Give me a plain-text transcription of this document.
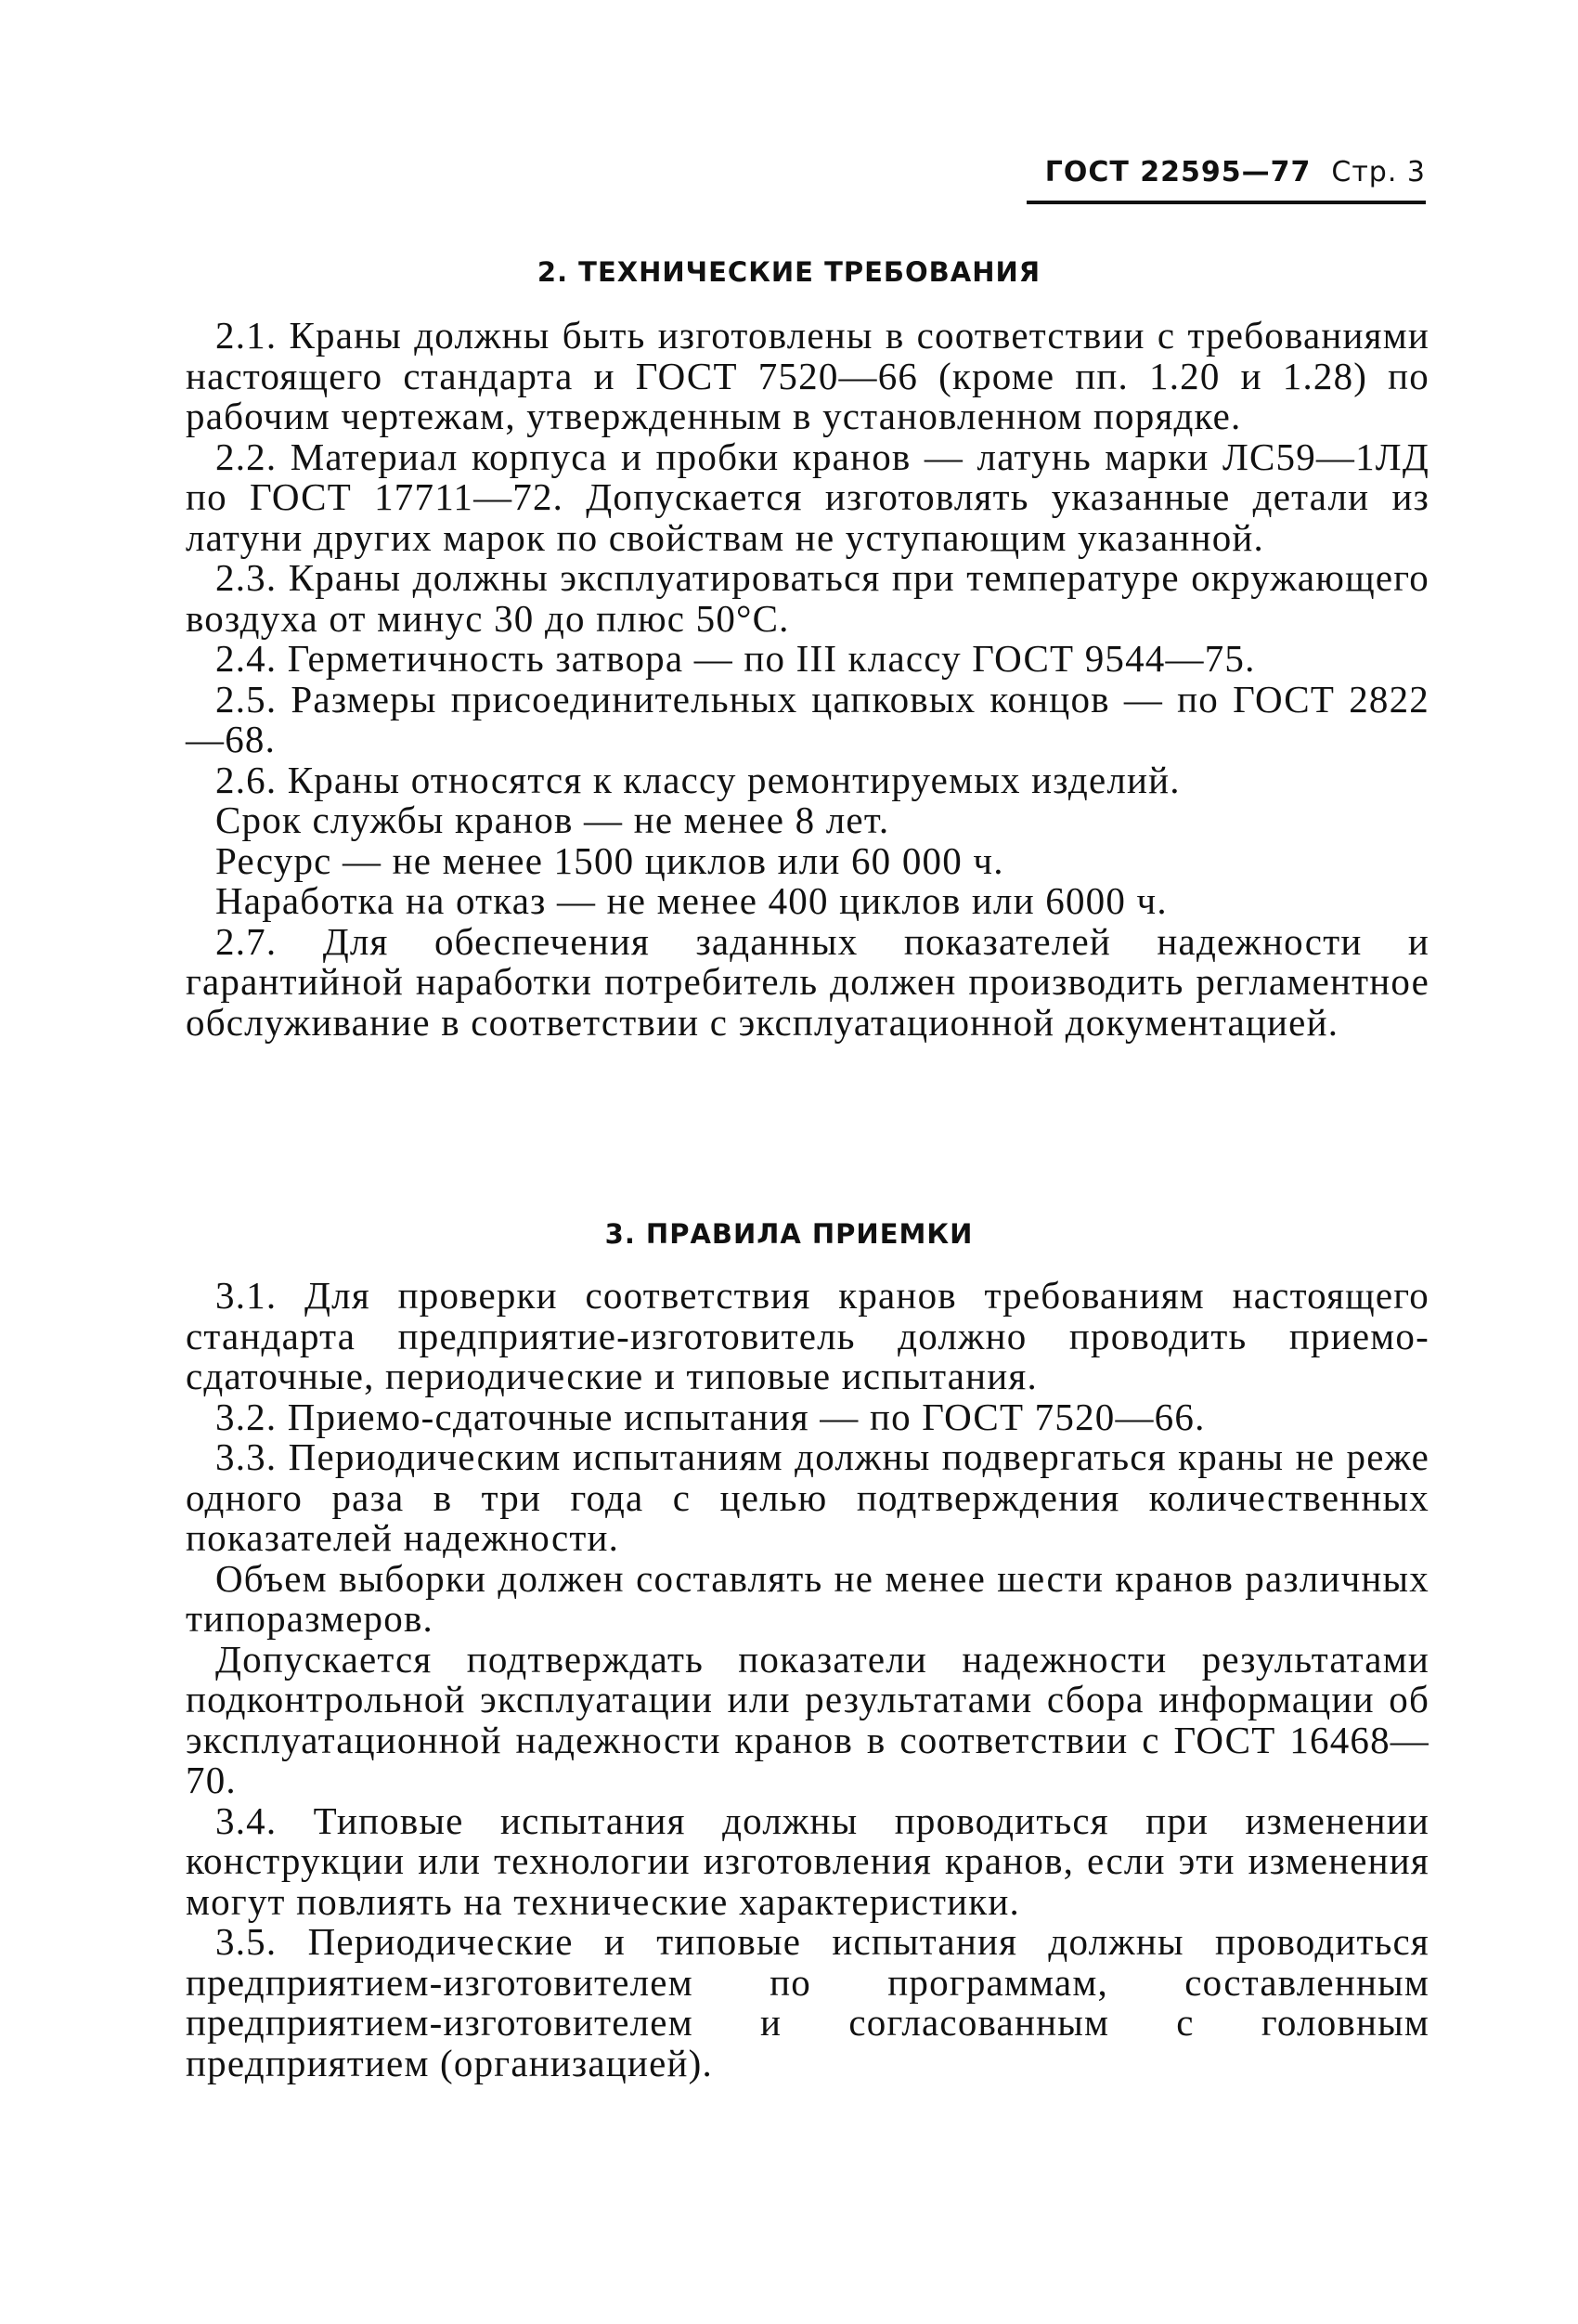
ГОСТ 22595—77 Стр. 3
2. ТЕХНИЧЕСКИЕ ТРЕБОВАНИЯ

2.1. Краны должны быть изготовлены в соответствии с требованиями настоящего стандарта и ГОСТ 7520—66 (кроме пп. 1.20 и 1.28) по рабочим чертежам, утвержденным в установленном порядке.

2.2. Материал корпуса и пробки кранов — латунь марки ЛС59—1ЛД по ГОСТ 17711—72. Допускается изготовлять указанные детали из латуни других марок по свойствам не уступающим указанной.

2.3. Краны должны эксплуатироваться при температуре окружающего воздуха от минус 30 до плюс 50°С.

2.4. Герметичность затвора — по III классу ГОСТ 9544—75.

2.5. Размеры присоединительных цапковых концов — по ГОСТ 2822—68.

2.6. Краны относятся к классу ремонтируемых изделий.

Срок службы кранов — не менее 8 лет.

Ресурс — не менее 1500 циклов или 60 000 ч.

Наработка на отказ — не менее 400 циклов или 6000 ч.

2.7. Для обеспечения заданных показателей надежности и гарантийной наработки потребитель должен производить регламентное обслуживание в соответствии с эксплуатационной документацией.

3. ПРАВИЛА ПРИЕМКИ

3.1. Для проверки соответствия кранов требованиям настоящего стандарта предприятие-изготовитель должно проводить приемо-сдаточные, периодические и типовые испытания.

3.2. Приемо-сдаточные испытания — по ГОСТ 7520—66.

3.3. Периодическим испытаниям должны подвергаться краны не реже одного раза в три года с целью подтверждения количественных показателей надежности.

Объем выборки должен составлять не менее шести кранов различных типоразмеров.

Допускается подтверждать показатели надежности результатами подконтрольной эксплуатации или результатами сбора информации об эксплуатационной надежности кранов в соответствии с ГОСТ 16468—70.

3.4. Типовые испытания должны проводиться при изменении конструкции или технологии изготовления кранов, если эти изменения могут повлиять на технические характеристики.

3.5. Периодические и типовые испытания должны проводиться предприятием-изготовителем по программам, составленным предприятием-изготовителем и согласованным с головным предприятием (организацией).
